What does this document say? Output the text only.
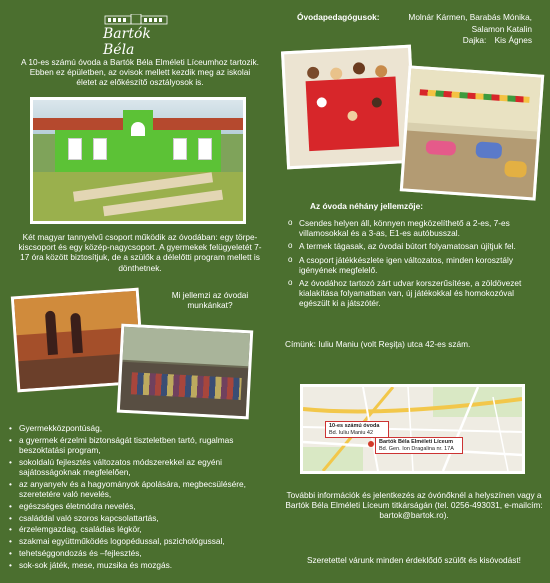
Bartók Béla
A 10-es számú óvoda a Bartók Béla Elméleti Líceumhoz tartozik. Ebben ez épületben, az ovisok mellett kezdik meg az iskolai életet az előkészítő osztályosok is.
Két magyar tannyelvű csoport működik az óvodában: egy törpe-kiscsoport és egy közép-nagycsoport. A gyermekek felügyeletét 7-17 óra között biztosítjuk, de a szülők a délelőtti program mellett is dönthetnek.
Mi jellemzi az óvodai munkánkat?
• Gyermekközpontúság,
• a gyermek érzelmi biztonságát tiszteletben tartó, rugalmas beszoktatási program,
• sokoldalú fejlesztés változatos módszerekkel az egyéni sajátosságoknak megfelelően,
• az anyanyelv és a hagyományok ápolására, megbecsülésére, szeretetére való nevelés,
• egészséges életmódra nevelés,
• családdal való szoros kapcsolattartás,
• érzelemgazdag, családias légkör,
• szakmai együttműködés logopédussal, pszichológussal,
• tehetséggondozás és –fejlesztés,
• sok-sok játék, mese, muzsika és mozgás.
Óvodapedagógusok:	Molnár Kármen, Barabás Mónika,
Salamon Katalin
Dajka: Kis Ágnes
Az óvoda néhány jellemzője:
o Csendes helyen áll, könnyen megközelíthető a 2-es, 7-es villamosokkal és a 3-as, E1-es autóbusszal.
o A termek tágasak, az óvodai bútort folyamatosan újítjuk fel.
o A csoport játékkészlete igen változatos, minden korosztály igényének megfelelő.
o Az óvodához tartozó zárt udvar korszerűsítése, a zöldövezet kialakítása folyamatban van, új játékokkal és homokozóval egészült ki a játszótér.
Címünk: Iuliu Maniu (volt Reşiţa) utca 42-es szám.
10-es számú óvoda
Bd. Iuliu Maniu 42
Bartók Béla Elméleti Líceum
Bd. Gen. Ion Dragalina nr. 17A
További információk és jelentkezés az óvónőknél a helyszínen vagy a Bartók Béla Elméleti Líceum titkárságán (tel. 0256-493031, e-mailcím: bartok@bartok.ro).
Szeretettel várunk minden érdeklődő szülőt és kisóvodást!
